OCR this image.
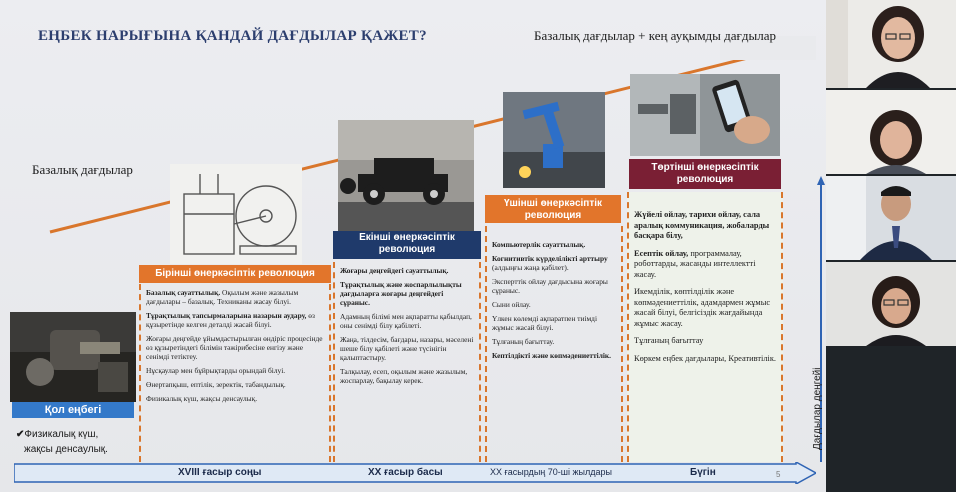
ЕҢБЕК НАРЫҒЫНА ҚАНДАЙ ДАҒДЫЛАР ҚАЖЕТ?	Базалық дағдылар + кең ауқымды дағдылар
Базалық дағдылар
Бірінші өнеркәсіптік революция
Екінші өнеркәсіптік революция
Үшінші өнеркәсіптік революция
Төртінші өнеркәсіптік революция
Қол еңбегі

Базалық сауаттылық. Оқылым және жазылым дағдылары – базалық. Техниканы жасау білуі.

Тұрақтылық тапсырмаларына назарын аудару, өз құзыретінде келген деталді жасай білуі.

Жоғары деңгейде ұйымдастырылған өндіріс процесінде өз құзыретіндегі білімін тәжірибесіне енгізу және сенімді тетіктеу.

Нұсқаулар мен бұйрықтарды орындай білуі.

Өнертапқыш, ептілік, зеректік, табандылық.

Физикалық күш, жақсы денсаулық.

Жоғары деңгейдегі сауаттылық.

Тұрақтылық және жоспарлылықты дағдыларға жоғары деңгейдегі сұраныс.

Адамның білімі мен ақпаратты қабылдап, оны сенімді білу қабілеті.

Жаңа, тілдесім, бағдары, назары, мәселені шеше білу қабілеті және түсінігін қалыптастыру.

Талқылау, есеп, оқылым және жазылым, жоспарлау, бақылау керек.

Компьютерлік сауаттылық.

Когнитивтік күрделілікті арттыру (алдыңғы жаңа қабілет).

Эксперттік ойлау дағдысына жоғары сұраныс.

Сыни ойлау.

Үлкен көлемді ақпаратпен тиімді жұмыс жасай білуі.

Тұлғаның бағыттау.

Кептілдікті және көпмәдениеттілік.

Жүйелі ойлау, тарихи ойлау, сала аралық коммуникация, жобаларды басқара білу,

Есептік ойлау, программалау, роботтарды, жасанды интеллектті жасау.

Икемділік, көптілділік және көпмәдениеттілік, адамдармен жұмыс жасай білуі, белгісіздік жағдайында жұмыс жасау.

Тұлғаның бағыттау

Көркем еңбек дағдылары, Креативтілік.

✔Физикалық күш,
жақсы денсаулық.
XVIII ғасыр соңы	ХХ ғасыр басы	ХХ ғасырдың 70-ші жылдары	Бүгін	5
Дағдылар деңгейі
